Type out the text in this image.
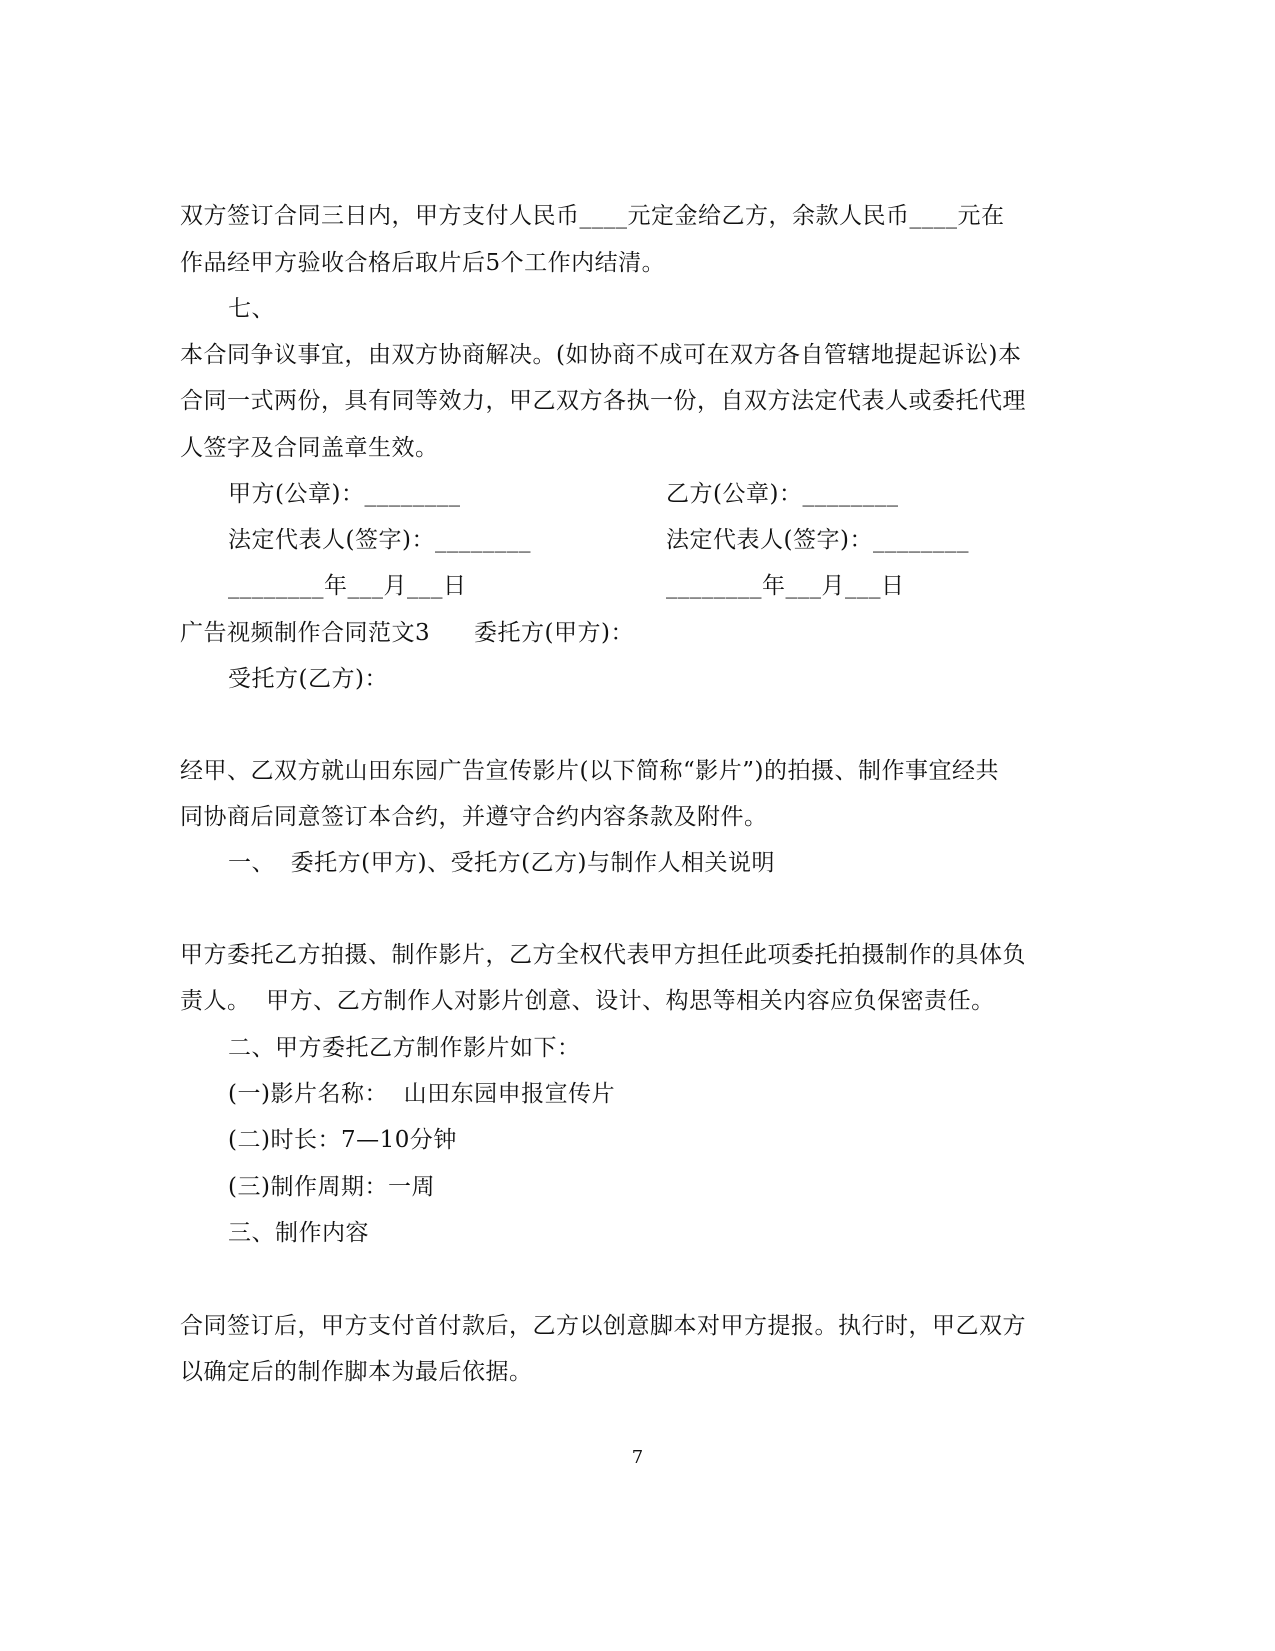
双方签订合同三日内，甲方支付人民币____元定金给乙方，余款人民币____元在
作品经甲方验收合格后取片后5个工作内结清。
七、
本合同争议事宜，由双方协商解决。(如协商不成可在双方各自管辖地提起诉讼)本
合同一式两份，具有同等效力，甲乙双方各执一份，自双方法定代表人或委托代理
人签字及合同盖章生效。
甲方(公章)：________	乙方(公章)：________
法定代表人(签字)：________	法定代表人(签字)：________
________年___月___日	________年___月___日
广告视频制作合同范文3 委托方(甲方)：
受托方(乙方)：
经甲、乙双方就山田东园广告宣传影片(以下简称“影片”)的拍摄、制作事宜经共
同协商后同意签订本合约，并遵守合约内容条款及附件。
一、  委托方(甲方)、受托方(乙方)与制作人相关说明
甲方委托乙方拍摄、制作影片，乙方全权代表甲方担任此项委托拍摄制作的具体负
责人。  甲方、乙方制作人对影片创意、设计、构思等相关内容应负保密责任。
二、甲方委托乙方制作影片如下：
(一)影片名称：  山田东园申报宣传片
(二)时长：7—10分钟
(三)制作周期：一周
三、制作内容
合同签订后，甲方支付首付款后，乙方以创意脚本对甲方提报。执行时，甲乙双方
以确定后的制作脚本为最后依据。
7
